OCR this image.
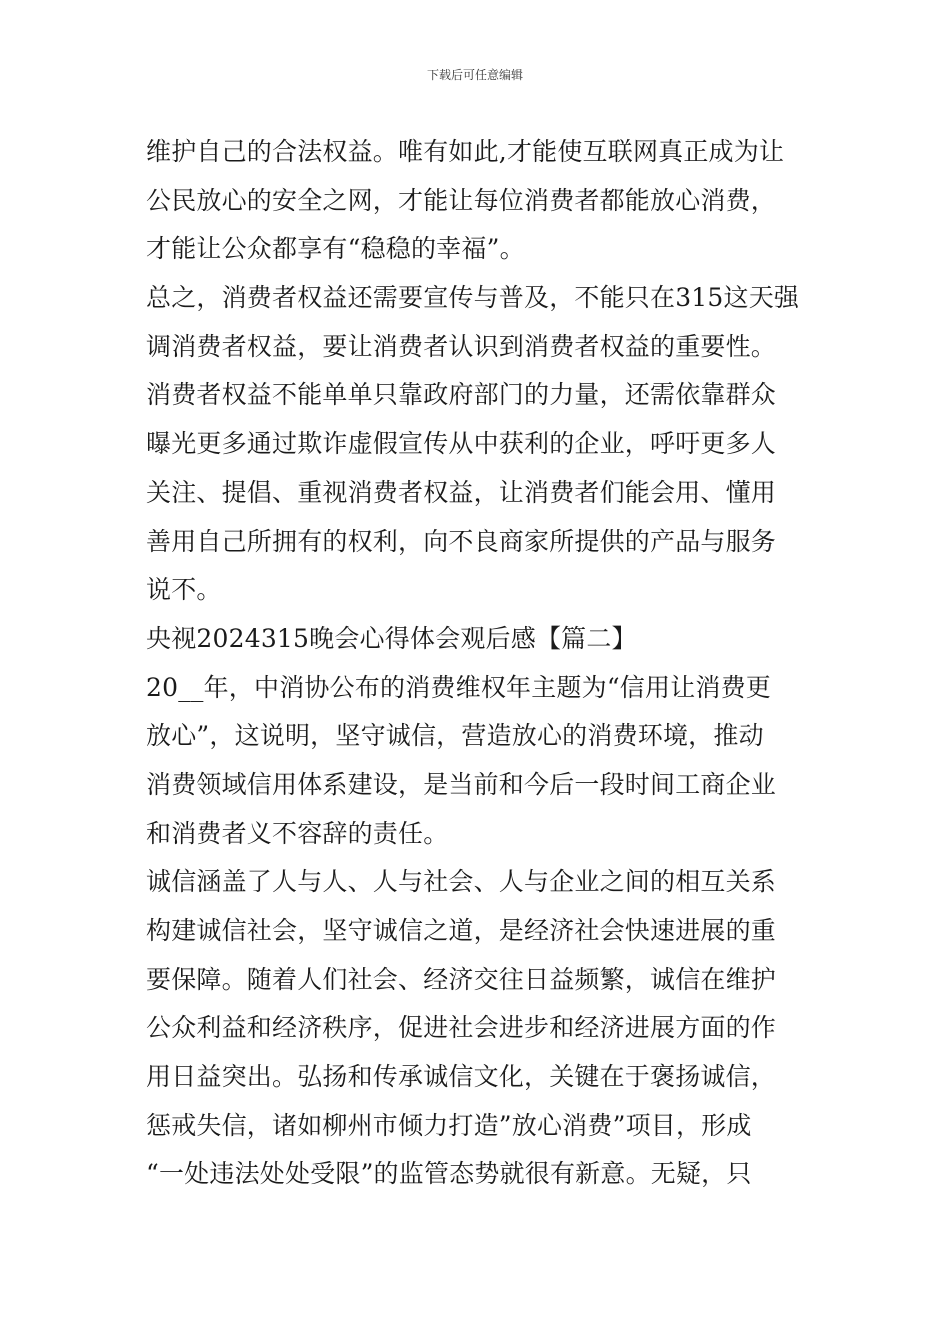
下载后可任意编辑
维护自己的合法权益。唯有如此,才能使互联网真正成为让
公民放心的安全之网，才能让每位消费者都能放心消费，
才能让公众都享有“稳稳的幸福”。
总之，消费者权益还需要宣传与普及，不能只在315这天强
调消费者权益，要让消费者认识到消费者权益的重要性。
消费者权益不能单单只靠政府部门的力量，还需依靠群众
曝光更多通过欺诈虚假宣传从中获利的企业，呼吁更多人
关注、提倡、重视消费者权益，让消费者们能会用、懂用
善用自己所拥有的权利，向不良商家所提供的产品与服务
说不。
央视2024315晚会心得体会观后感【篇二】
20__年，中消协公布的消费维权年主题为“信用让消费更
放心”，这说明，坚守诚信，营造放心的消费环境，推动
消费领域信用体系建设，是当前和今后一段时间工商企业
和消费者义不容辞的责任。
诚信涵盖了人与人、人与社会、人与企业之间的相互关系
构建诚信社会，坚守诚信之道，是经济社会快速进展的重
要保障。随着人们社会、经济交往日益频繁，诚信在维护
公众利益和经济秩序，促进社会进步和经济进展方面的作
用日益突出。弘扬和传承诚信文化，关键在于褒扬诚信，
惩戒失信，诸如柳州市倾力打造”放心消费”项目，形成
“一处违法处处受限”的监管态势就很有新意。无疑，只
